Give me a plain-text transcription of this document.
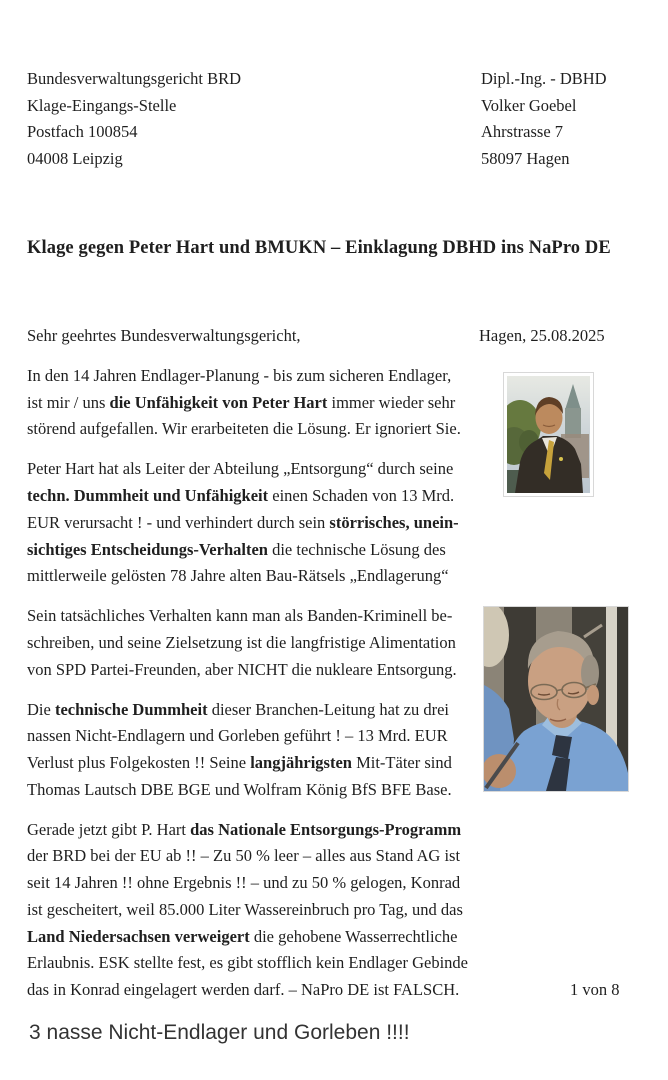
Bundesverwaltungsgericht BRD
Klage-Eingangs-Stelle
Postfach 100854
04008 Leipzig
Dipl.-Ing. - DBHD
Volker Goebel
Ahrstrasse 7
58097 Hagen
Klage gegen Peter Hart und BMUKN – Einklagung DBHD ins NaPro DE
Sehr geehrtes Bundesverwaltungsgericht,	Hagen, 25.08.2025
In den 14 Jahren Endlager-Planung - bis zum sicheren Endlager,
ist mir / uns die Unfähigkeit von Peter Hart immer wieder sehr
störend aufgefallen. Wir erarbeiteten die Lösung. Er ignoriert Sie.
Peter Hart hat als Leiter der Abteilung „Entsorgung“ durch seine
techn. Dummheit und Unfähigkeit einen Schaden von 13 Mrd.
EUR verursacht ! - und verhindert durch sein störrisches, unein-
sichtiges Entscheidungs-Verhalten die technische Lösung des
mittlerweile gelösten 78 Jahre alten Bau-Rätsels „Endlagerung“
Sein tatsächliches Verhalten kann man als Banden-Kriminell be-
schreiben, und seine Zielsetzung ist die langfristige Alimentation
von SPD Partei-Freunden, aber NICHT die nukleare Entsorgung.
Die technische Dummheit dieser Branchen-Leitung hat zu drei
nassen Nicht-Endlagern und Gorleben geführt ! – 13 Mrd. EUR
Verlust plus Folgekosten !! Seine langjährigsten Mit-Täter sind
Thomas Lautsch DBE BGE und Wolfram König BfS BFE Base.
Gerade jetzt gibt P. Hart das Nationale Entsorgungs-Programm
der BRD bei der EU ab !! – Zu 50 % leer – alles aus Stand AG ist
seit 14 Jahren !! ohne Ergebnis !! – und zu 50 % gelogen, Konrad
ist gescheitert, weil 85.000 Liter Wassereinbruch pro Tag, und das
Land Niedersachsen verweigert die gehobene Wasserrechtliche
Erlaubnis. ESK stellte fest, es gibt stofflich kein Endlager Gebinde
das in Konrad eingelagert werden darf. – NaPro DE ist FALSCH.	1 von 8
3 nasse Nicht-Endlager und Gorleben !!!!
